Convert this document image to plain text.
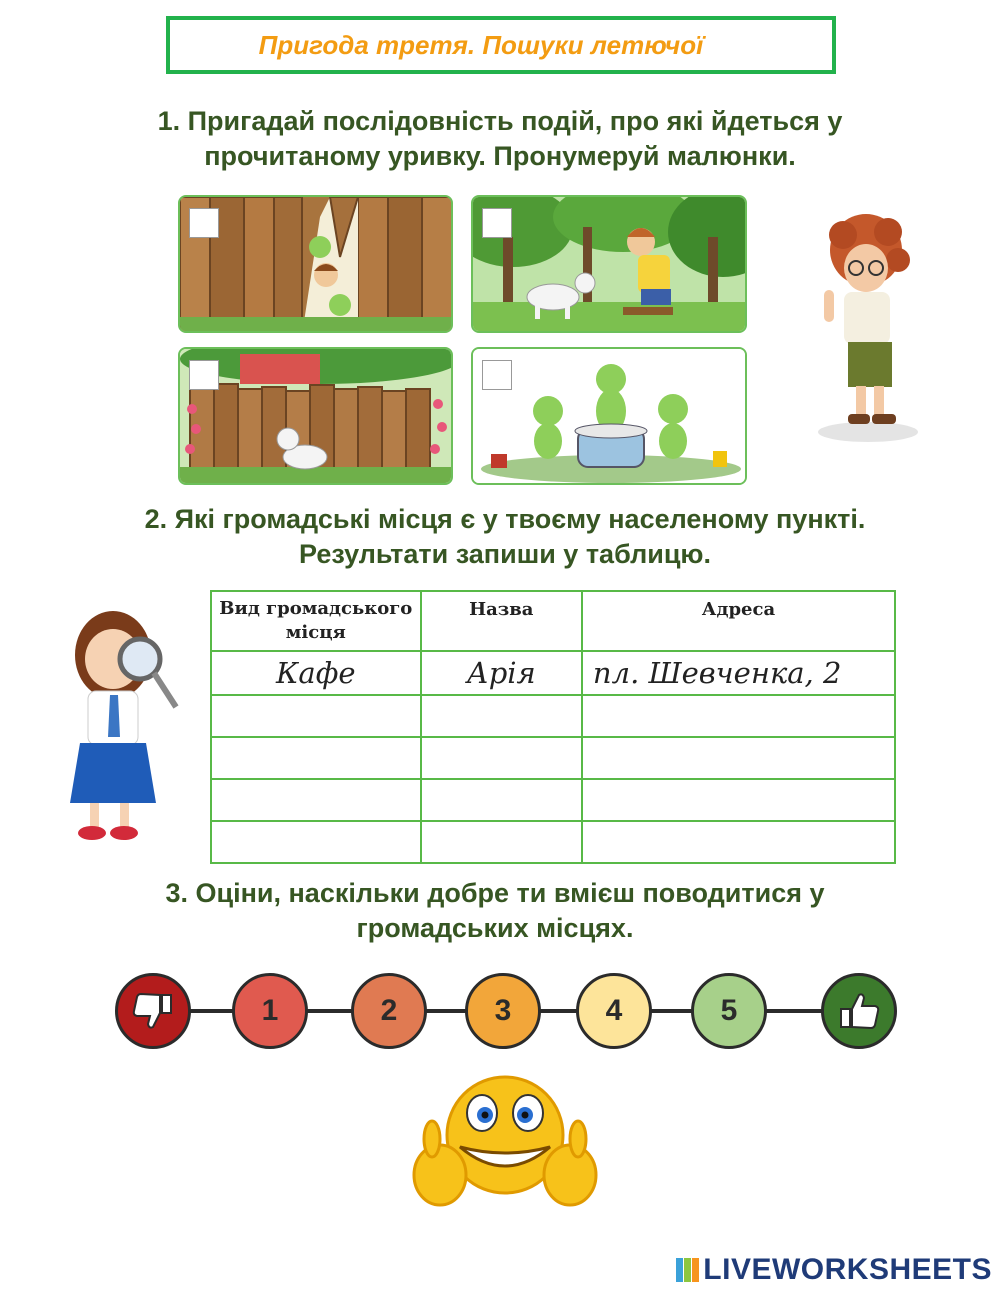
Пригода третя. Пошуки летючої
1. Пригадай послідовність подій, про які йдеться у
прочитаному уривку. Пронумеруй малюнки.
2. Які громадські місця є у твоєму населеному пункті.
Результати запиши у таблицю.
Вид громадського
місця	Назва	Адреса
Кафе	Арія	пл. Шевченка, 2

3. Оціни, наскільки добре ти вмієш поводитися у
громадських місцях.
1	2	3	4	5
LIVEWORKSHEETS
